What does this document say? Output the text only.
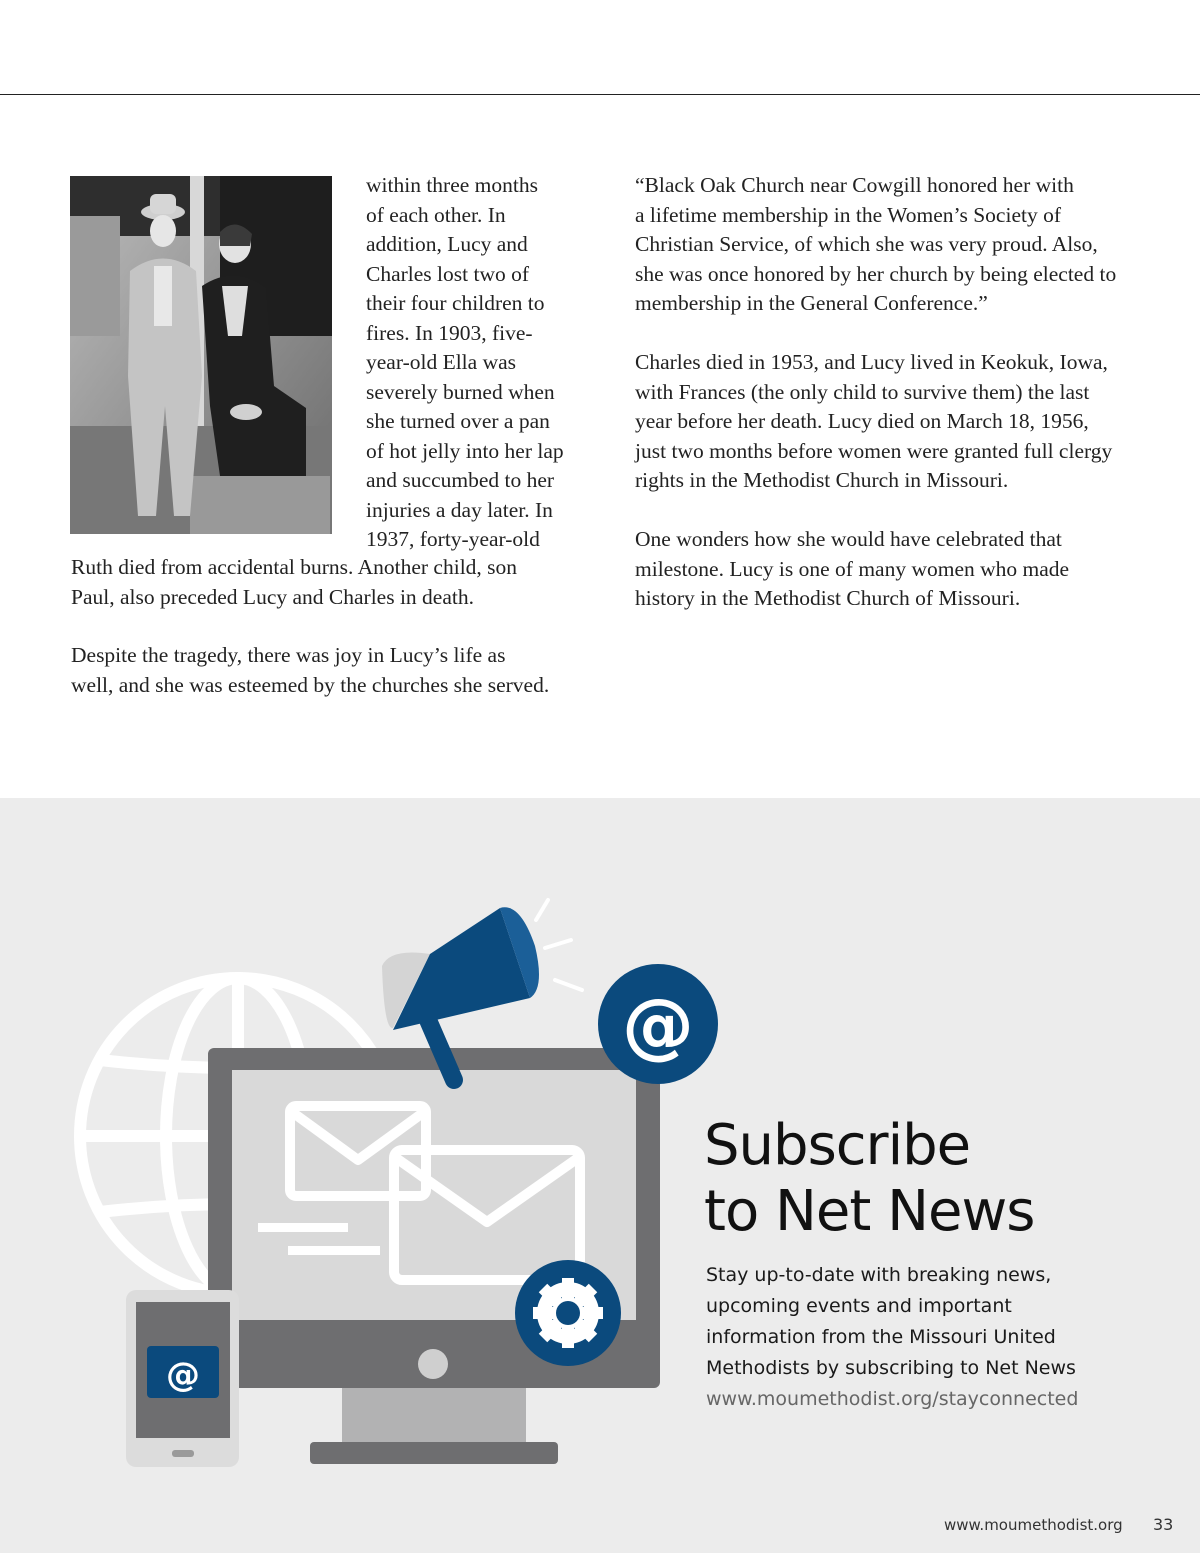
within three months
of each other. In
addition, Lucy and
Charles lost two of
their four children to
fires. In 1903, five-
year-old Ella was
severely burned when
she turned over a pan
of hot jelly into her lap
and succumbed to her
injuries a day later. In
1937, forty-year-old
Ruth died from accidental burns. Another child, son
Paul, also preceded Lucy and Charles in death.
Despite the tragedy, there was joy in Lucy’s life as
well, and she was esteemed by the churches she served.
“Black Oak Church near Cowgill honored her with
a lifetime membership in the Women’s Society of
Christian Service, of which she was very proud. Also,
she was once honored by her church by being elected to
membership in the General Conference.”
Charles died in 1953, and Lucy lived in Keokuk, Iowa,
with Frances (the only child to survive them) the last
year before her death. Lucy died on March 18, 1956,
just two months before women were granted full clergy
rights in the Methodist Church in Missouri.
One wonders how she would have celebrated that
milestone. Lucy is one of many women who made
history in the Methodist Church of Missouri.
@
@
Subscribe
to Net News
Stay up-to-date with breaking news,
upcoming events and important
information from the Missouri United
Methodists by subscribing to Net News
www.moumethodist.org/stayconnected
www.moumethodist.org 33
